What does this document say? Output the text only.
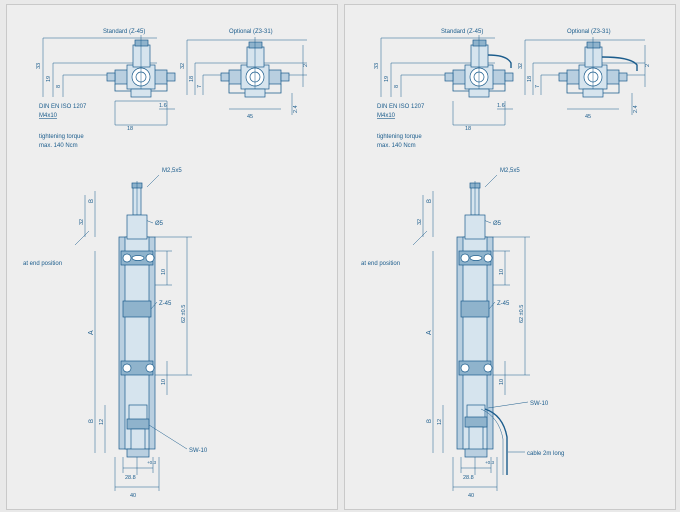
Standard (Z-45)
33
19
8
1.6
18
Optional (Z3-31)
32
18
7
45
2
2.4
DIN EN ISO 1207
M4x10
tightening torque
max. 140 Ncm
M2,5x5
Ø5
32
B
at end position
10
62 ±0.5
10
Z-45
A
B 12
SW-10
28.8
+0.3
40
Standard (Z-45)
33
19
8
1.6
18
Optional (Z3-31)
32
18
7
45
2
2.4
DIN EN ISO 1207
M4x10
tightening torque
max. 140 Ncm
M2,5x5
Ø5
32
B
at end position
10
62 ±0.5
10
Z-45
A
B 12
SW-10
cable 2m long
28.8
+0.3
40
